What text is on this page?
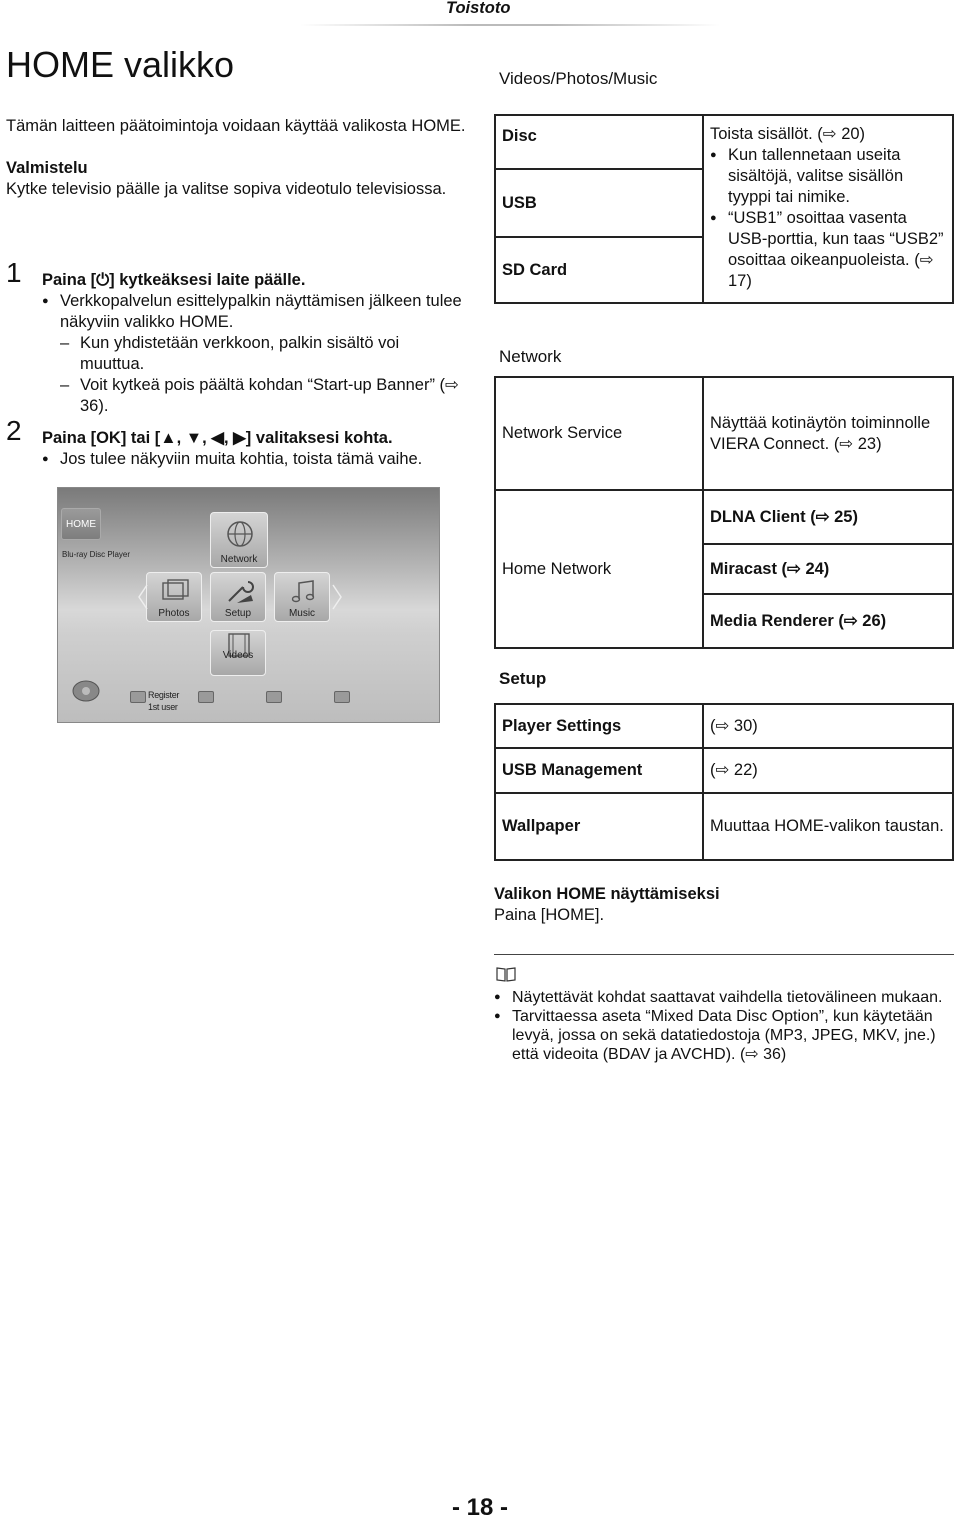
Toistoto
HOME valikko
Tämän laitteen päätoimintoja voidaan käyttää valikosta HOME.
Valmistelu
Kytke televisio päälle ja valitse sopiva videotulo televisiossa.
1 Paina [⏻] kytkeäksesi laite päälle.
● Verkkopalvelun esittelypalkin näyttämisen jälkeen tulee näkyviin valikko HOME.
– Kun yhdistetään verkkoon, palkin sisältö voi muuttua.
– Voit kytkeä pois päältä kohdan “Start-up Banner” (⇨ 36).
2 Paina [OK] tai [▲, ▼, ◀, ▶] valitaksesi kohta.
● Jos tulee näkyviin muita kohtia, toista tämä vaihe.
HOME
Blu-ray Disc Player	Network
Photos	Setup	Music
Videos
Register
1st user
Videos/Photos/Music
Disc	Toista sisällöt. (⇨ 20)
● Kun tallennetaan useita sisältöjä, valitse sisällön tyyppi tai nimike.
● “USB1” osoittaa vasenta USB-porttia, kun taas “USB2” osoittaa oikeanpuoleista. (⇨ 17)

USB
SD Card
Network
Network Service	Näyttää kotinäytön toiminnolle VIERA Connect. (⇨ 23)
Home Network	DLNA Client (⇨ 25)
	Miracast (⇨ 24)
	Media Renderer (⇨ 26)
Setup
Player Settings	(⇨ 30)
USB Management	(⇨ 22)
Wallpaper	Muuttaa HOME-valikon taustan.
Valikon HOME näyttämiseksi
Paina [HOME].
● Näytettävät kohdat saattavat vaihdella tietovälineen mukaan.
● Tarvittaessa aseta “Mixed Data Disc Option”, kun käytetään levyä, jossa on sekä datatiedostoja (MP3, JPEG, MKV, jne.) että videoita (BDAV ja AVCHD). (⇨ 36)
- 18 -
